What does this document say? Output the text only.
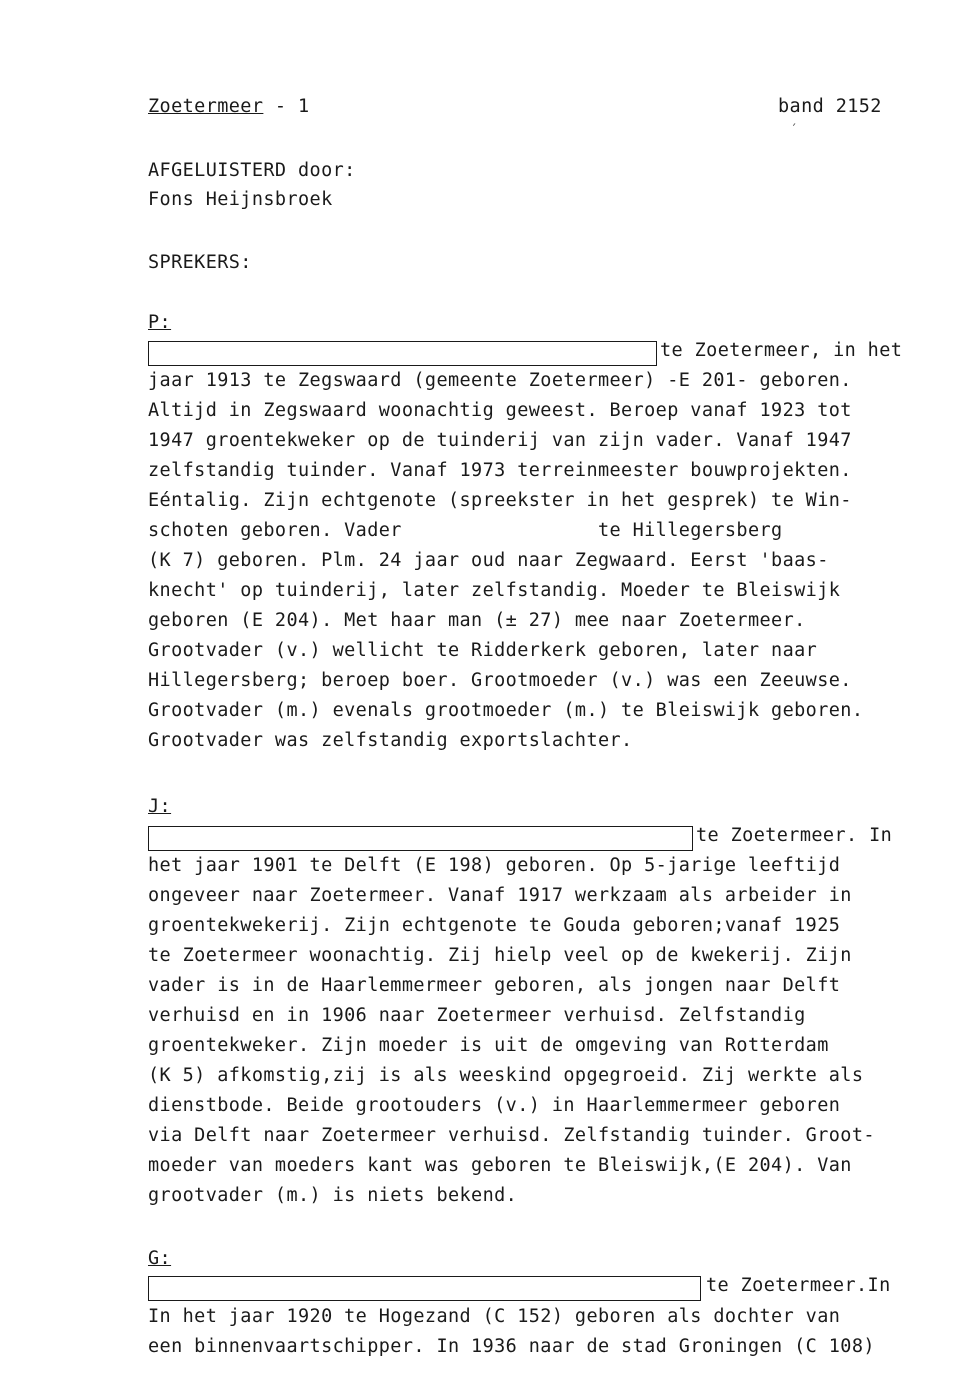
Zoetermeer - 1	band 2152
′
AFGELUISTERD door:
Fons Heijnsbroek
SPREKERS:
P:
te Zoetermeer, in het
jaar 1913 te Zegswaard (gemeente Zoetermeer) -E 201- geboren.
Altijd in Zegswaard woonachtig geweest. Beroep vanaf 1923 tot
1947 groentekweker op de tuinderij van zijn vader. Vanaf 1947
zelfstandig tuinder. Vanaf 1973 terreinmeester bouwprojekten.
Eéntalig. Zijn echtgenote (spreekster in het gesprek) te Win-
schoten geboren. Vader                 te Hillegersberg
(K 7) geboren. Plm. 24 jaar oud naar Zegwaard. Eerst 'baas-
knecht' op tuinderij, later zelfstandig. Moeder te Bleiswijk
geboren (E 204). Met haar man (± 27) mee naar Zoetermeer.
Grootvader (v.) wellicht te Ridderkerk geboren, later naar
Hillegersberg; beroep boer. Grootmoeder (v.) was een Zeeuwse.
Grootvader (m.) evenals grootmoeder (m.) te Bleiswijk geboren.
Grootvader was zelfstandig exportslachter.
J:
te Zoetermeer. In
het jaar 1901 te Delft (E 198) geboren. Op 5-jarige leeftijd
ongeveer naar Zoetermeer. Vanaf 1917 werkzaam als arbeider in
groentekwekerij. Zijn echtgenote te Gouda geboren;vanaf 1925
te Zoetermeer woonachtig. Zij hielp veel op de kwekerij. Zijn
vader is in de Haarlemmermeer geboren, als jongen naar Delft
verhuisd en in 1906 naar Zoetermeer verhuisd. Zelfstandig
groentekweker. Zijn moeder is uit de omgeving van Rotterdam
(K 5) afkomstig,zij is als weeskind opgegroeid. Zij werkte als
dienstbode. Beide grootouders (v.) in Haarlemmermeer geboren
via Delft naar Zoetermeer verhuisd. Zelfstandig tuinder. Groot-
moeder van moeders kant was geboren te Bleiswijk,(E 204). Van
grootvader (m.) is niets bekend.
G:
te Zoetermeer.In
In het jaar 1920 te Hogezand (C 152) geboren als dochter van
een binnenvaartschipper. In 1936 naar de stad Groningen (C 108)
